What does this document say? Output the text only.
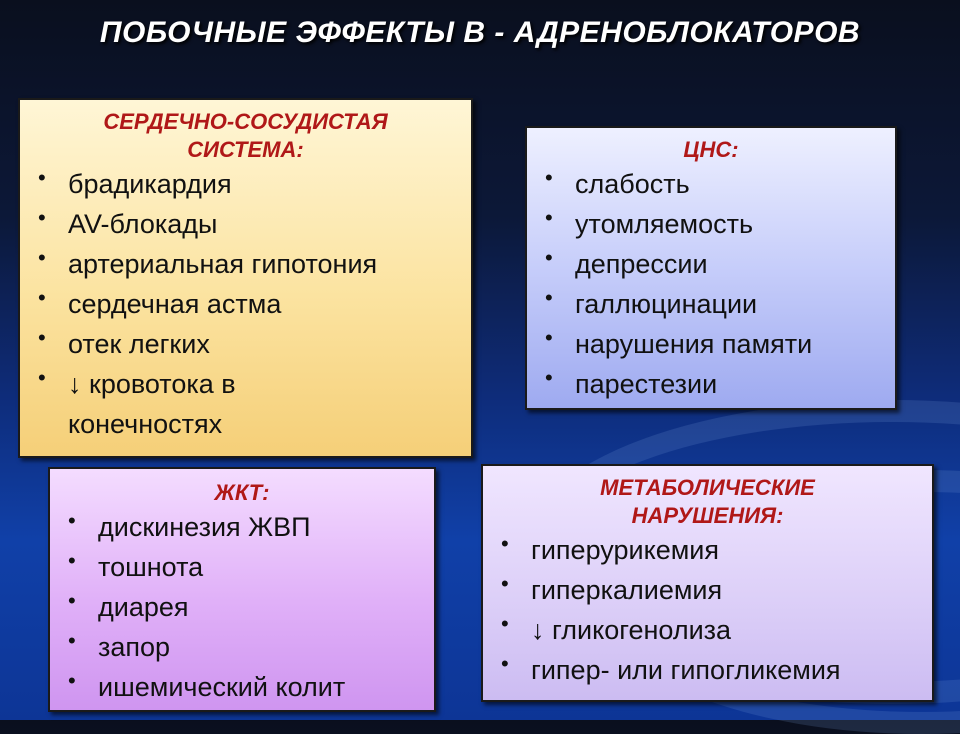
ПОБОЧНЫЕ ЭФФЕКТЫ В - АДРЕНОБЛОКАТОРОВ
СЕРДЕЧНО-СОСУДИСТАЯ
СИСТЕМА:
• брадикардия
• AV-блокады
• артериальная гипотония
• сердечная астма
• отек легких
• ↓ кровотока в конечностях
ЦНС:
• слабость
• утомляемость
• депрессии
• галлюцинации
• нарушения памяти
• парестезии
ЖКТ:
• дискинезия ЖВП
• тошнота
• диарея
• запор
• ишемический колит
МЕТАБОЛИЧЕСКИЕ
НАРУШЕНИЯ:
• гиперурикемия
• гиперкалиемия
• ↓ гликогенолиза
• гипер- или гипогликемия
